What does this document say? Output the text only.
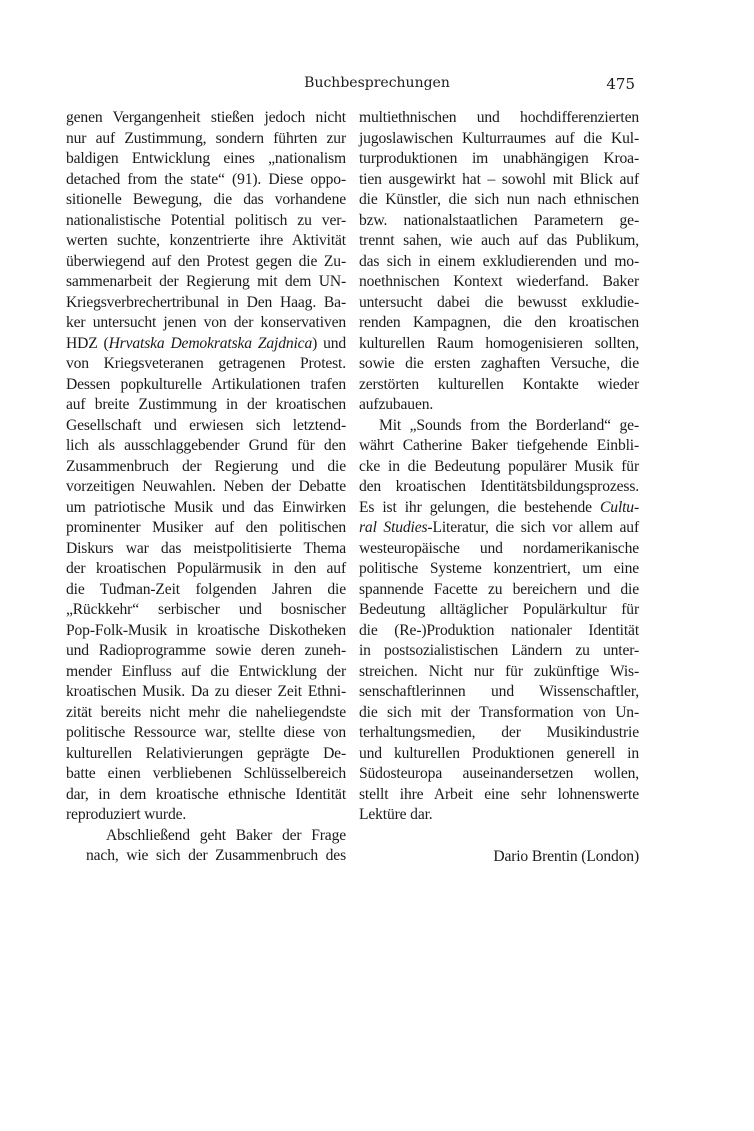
Buchbesprechungen	475

genen Vergangenheit stießen jedoch nicht
nur auf Zustimmung, sondern führten zur
baldigen Entwicklung eines „nationalism
detached from the state“ (91). Diese oppo-
sitionelle Bewegung, die das vorhandene
nationalistische Potential politisch zu ver-
werten suchte, konzentrierte ihre Aktivität
überwiegend auf den Protest gegen die Zu-
sammenarbeit der Regierung mit dem UN-
Kriegsverbrechertribunal in Den Haag. Ba-
ker untersucht jenen von der konservativen
HDZ (Hrvatska Demokratska Zajdnica) und
von Kriegsveteranen getragenen Protest.
Dessen popkulturelle Artikulationen trafen
auf breite Zustimmung in der kroatischen
Gesellschaft und erwiesen sich letztend-
lich als ausschlaggebender Grund für den
Zusammenbruch der Regierung und die
vorzeitigen Neuwahlen. Neben der Debatte
um patriotische Musik und das Einwirken
prominenter Musiker auf den politischen
Diskurs war das meistpolitisierte Thema
der kroatischen Populärmusik in den auf
die Tuđman-Zeit folgenden Jahren die
„Rückkehr“ serbischer und bosnischer
Pop-Folk-Musik in kroatische Diskotheken
und Radioprogramme sowie deren zuneh-
mender Einfluss auf die Entwicklung der
kroatischen Musik. Da zu dieser Zeit Ethni-
zität bereits nicht mehr die naheliegendste
politische Ressource war, stellte diese von
kulturellen Relativierungen geprägte De-
batte einen verbliebenen Schlüsselbereich
dar, in dem kroatische ethnische Identität
reproduziert wurde.

Abschließend geht Baker der Frage
nach, wie sich der Zusammenbruch des

multiethnischen und hochdifferenzierten
jugoslawischen Kulturraumes auf die Kul-
turproduktionen im unabhängigen Kroa-
tien ausgewirkt hat – sowohl mit Blick auf
die Künstler, die sich nun nach ethnischen
bzw. nationalstaatlichen Parametern ge-
trennt sahen, wie auch auf das Publikum,
das sich in einem exkludierenden und mo-
noethnischen Kontext wiederfand. Baker
untersucht dabei die bewusst exkludie-
renden Kampagnen, die den kroatischen
kulturellen Raum homogenisieren sollten,
sowie die ersten zaghaften Versuche, die
zerstörten kulturellen Kontakte wieder
aufzubauen.

Mit „Sounds from the Borderland“ ge-
währt Catherine Baker tiefgehende Einbli-
cke in die Bedeutung populärer Musik für
den kroatischen Identitätsbildungsprozess.
Es ist ihr gelungen, die bestehende Cultu-
ral Studies-Literatur, die sich vor allem auf
westeuropäische und nordamerikanische
politische Systeme konzentriert, um eine
spannende Facette zu bereichern und die
Bedeutung alltäglicher Populärkultur für
die (Re-)Produktion nationaler Identität
in postsozialistischen Ländern zu unter-
streichen. Nicht nur für zukünftige Wis-
senschaftlerinnen und Wissenschaftler,
die sich mit der Transformation von Un-
terhaltungsmedien, der Musikindustrie
und kulturellen Produktionen generell in
Südosteuropa auseinandersetzen wollen,
stellt ihre Arbeit eine sehr lohnenswerte
Lektüre dar.

Dario Brentin (London)
